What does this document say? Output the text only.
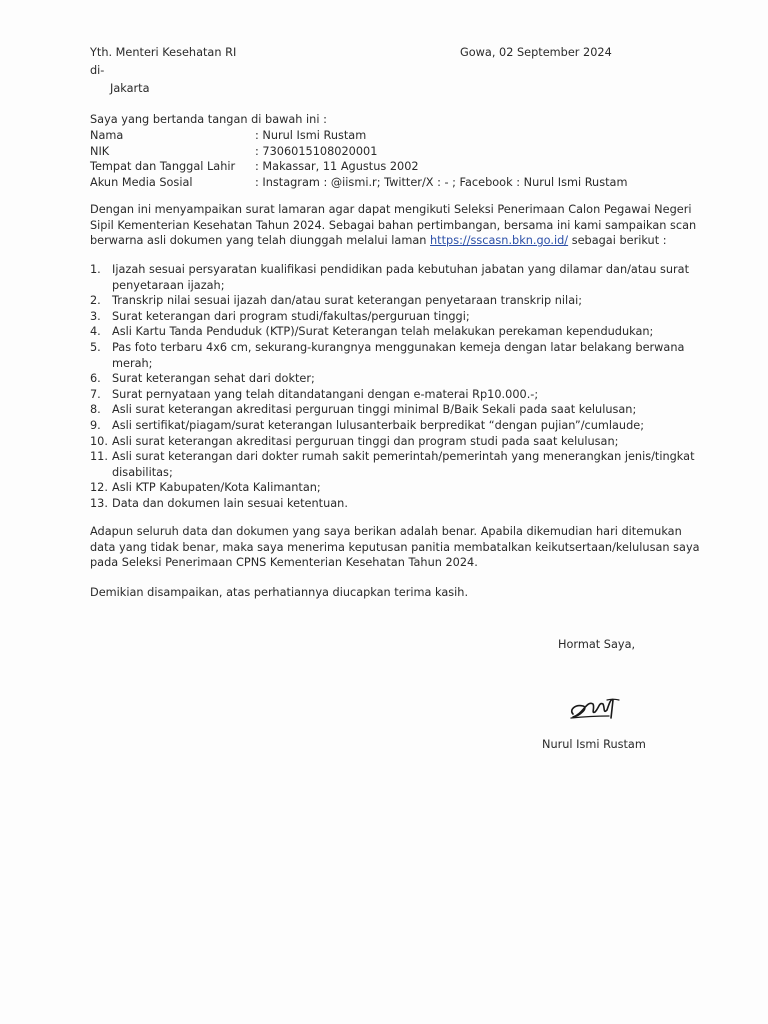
Yth. Menteri Kesehatan RI
di-
Jakarta
Gowa, 02 September 2024
Saya yang bertanda tangan di bawah ini :
Nama	: Nurul Ismi Rustam
NIK	: 7306015108020001
Tempat dan Tanggal Lahir	: Makassar, 11 Agustus 2002
Akun Media Sosial	: Instagram : @iismi.r; Twitter/X : - ; Facebook : Nurul Ismi Rustam
Dengan ini menyampaikan surat lamaran agar dapat mengikuti Seleksi Penerimaan Calon Pegawai Negeri
Sipil Kementerian Kesehatan Tahun 2024. Sebagai bahan pertimbangan, bersama ini kami sampaikan scan
berwarna asli dokumen yang telah diunggah melalui laman https://sscasn.bkn.go.id/ sebagai berikut :
1. Ijazah sesuai persyaratan kualifikasi pendidikan pada kebutuhan jabatan yang dilamar dan/atau surat
penyetaraan ijazah;
2. Transkrip nilai sesuai ijazah dan/atau surat keterangan penyetaraan transkrip nilai;
3. Surat keterangan dari program studi/fakultas/perguruan tinggi;
4. Asli Kartu Tanda Penduduk (KTP)/Surat Keterangan telah melakukan perekaman kependudukan;
5. Pas foto terbaru 4x6 cm, sekurang-kurangnya menggunakan kemeja dengan latar belakang berwana
merah;
6. Surat keterangan sehat dari dokter;
7. Surat pernyataan yang telah ditandatangani dengan e-materai Rp10.000.-;
8. Asli surat keterangan akreditasi perguruan tinggi minimal B/Baik Sekali pada saat kelulusan;
9. Asli sertifikat/piagam/surat keterangan lulusanterbaik berpredikat “dengan pujian”/cumlaude;
10. Asli surat keterangan akreditasi perguruan tinggi dan program studi pada saat kelulusan;
11. Asli surat keterangan dari dokter rumah sakit pemerintah/pemerintah yang menerangkan jenis/tingkat
disabilitas;
12. Asli KTP Kabupaten/Kota Kalimantan;
13. Data dan dokumen lain sesuai ketentuan.
Adapun seluruh data dan dokumen yang saya berikan adalah benar. Apabila dikemudian hari ditemukan
data yang tidak benar, maka saya menerima keputusan panitia membatalkan keikutsertaan/kelulusan saya
pada Seleksi Penerimaan CPNS Kementerian Kesehatan Tahun 2024.
Demikian disampaikan, atas perhatiannya diucapkan terima kasih.
Hormat Saya,
Nurul Ismi Rustam
